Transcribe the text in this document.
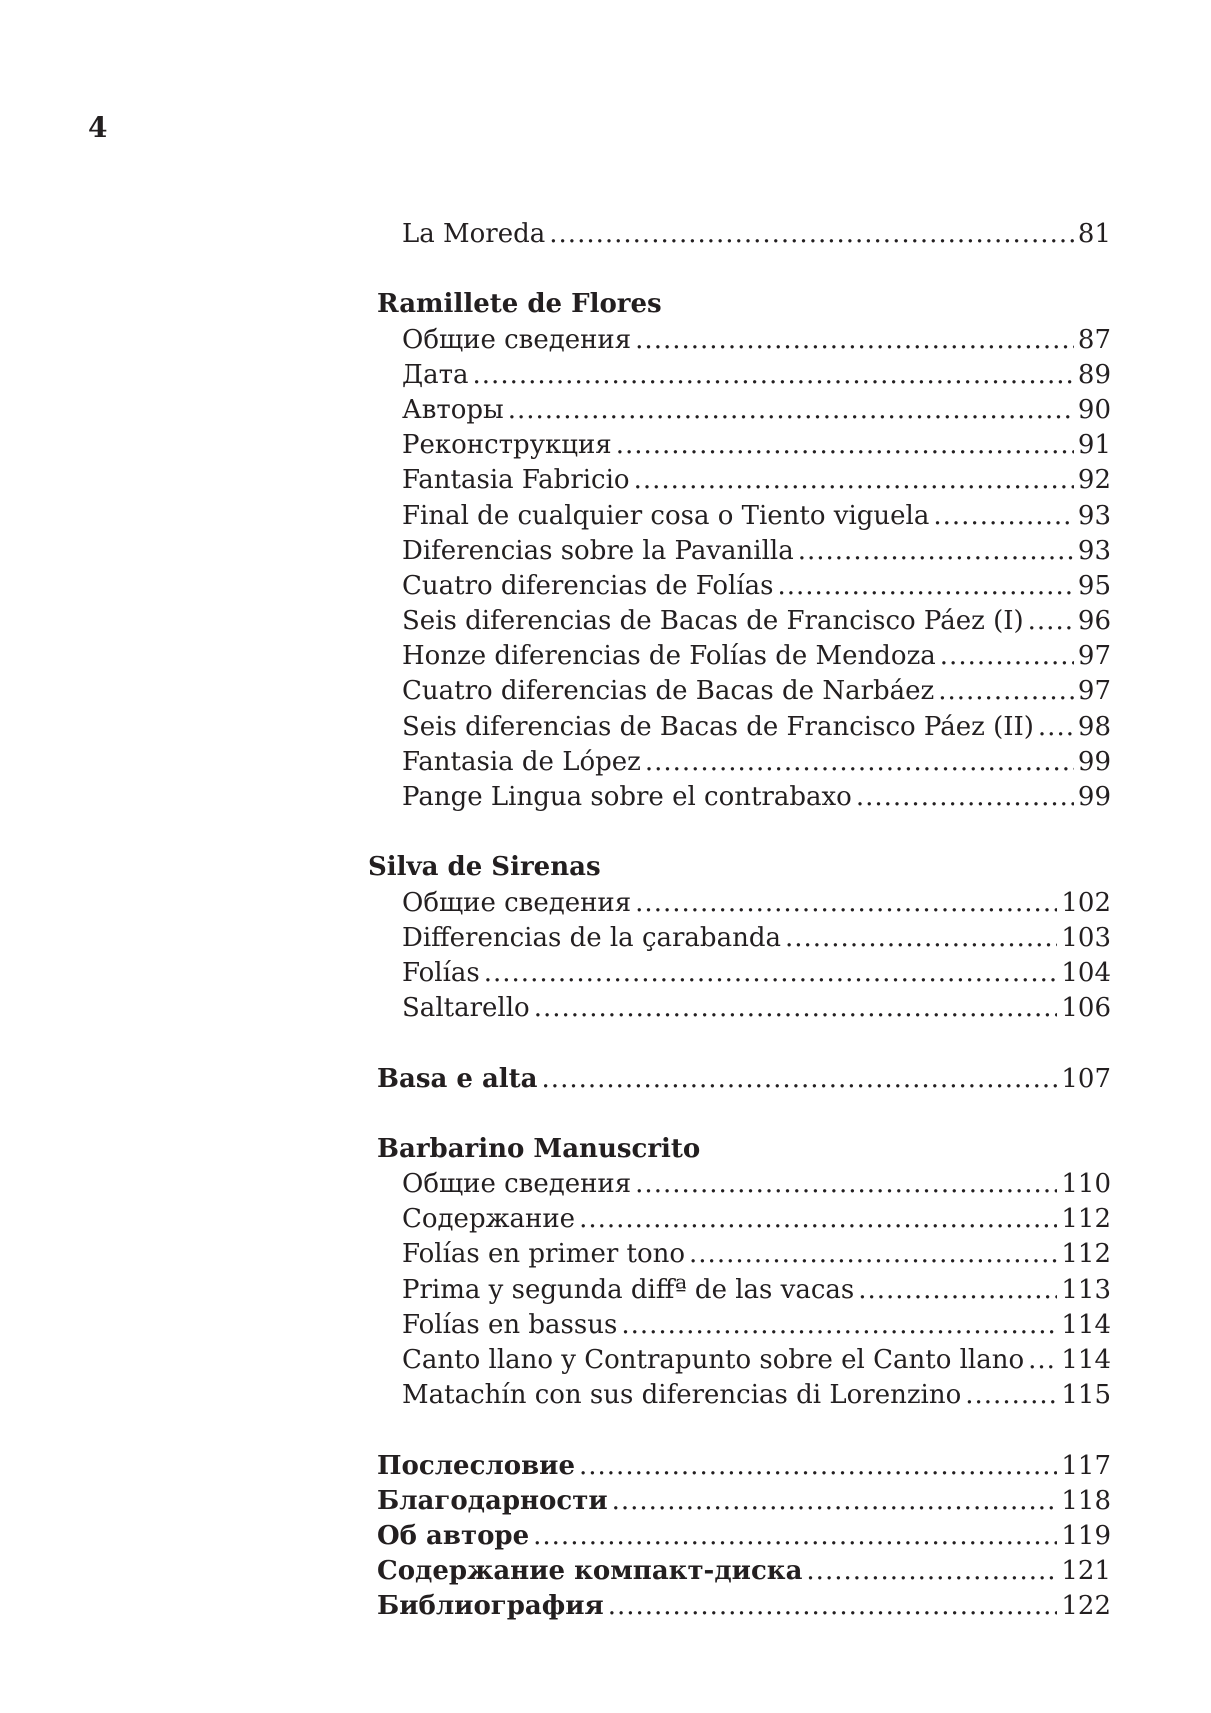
4
La Moreda .....	81
Ramillete de Flores
Общие сведения .....	87
Дата .....	89
Авторы .....	90
Реконструкция .....	91
Fantasia Fabricio .....	92
Final de cualquier cosa o Tiento viguela .....	93
Diferencias sobre la Pavanilla .....	93
Cuatro diferencias de Folías .....	95
Seis diferencias de Bacas de Francisco Páez (I) ..... 96
Honze diferencias de Folías de Mendoza .....	97
Cuatro diferencias de Bacas de Narbáez .....	97
Seis diferencias de Bacas de Francisco Páez (II) ..... 98
Fantasia de López .....	99
Pange Lingua sobre el contrabaxo .....	99
Silva de Sirenas
Общие сведения .....	102
Differencias de la çarabanda .....	103
Folías .....	104
Saltarello .....	106
Basa e alta .....	107
Barbarino Manuscrito
Общие сведения .....	110
Содержание .....	112
Folías en primer tono .....	112
Prima y segunda diffª de las vacas .....	113
Folías en bassus .....	114
Canto llano y Contrapunto sobre el Canto llano ..... 114
Matachín con sus diferencias di Lorenzino .....	115
Послесловие .....	117
Благодарности .....	118
Об авторе .....	119
Содержание компакт-диска .....	121
Библиография .....	122
